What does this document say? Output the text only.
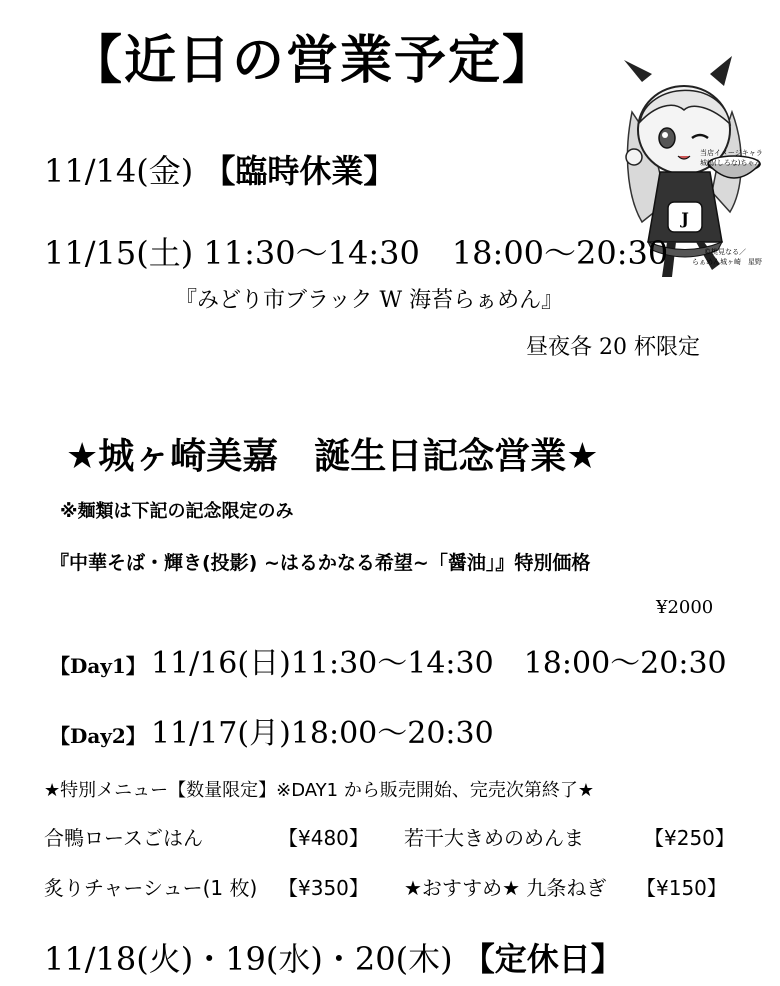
【近日の営業予定】
J
当店イメージキャラ
城嶋(しろな)ちゃん
©桃見なる／
らぁめん城ヶ崎　星野
11/14(金) 【臨時休業】
11/15(土) 11:30〜14:30　18:00〜20:30
『みどり市ブラック W 海苔らぁめん』
昼夜各 20 杯限定
★城ヶ崎美嘉　誕生日記念営業★
※麺類は下記の記念限定のみ
『中華そば・輝き(投影) ~はるかなる希望~「醤油」』特別価格
¥2000
【Day1】 11/16(日)11:30〜14:30　18:00〜20:30
【Day2】 11/17(月)18:00〜20:30
★特別メニュー【数量限定】※DAY1 から販売開始、完売次第終了★
合鴨ロースごはん	【¥480】 若干大きめのめんま	【¥250】
炙りチャーシュー(1 枚) 【¥350】 ★おすすめ★ 九条ねぎ 【¥150】
11/18(火)・19(水)・20(木) 【定休日】
